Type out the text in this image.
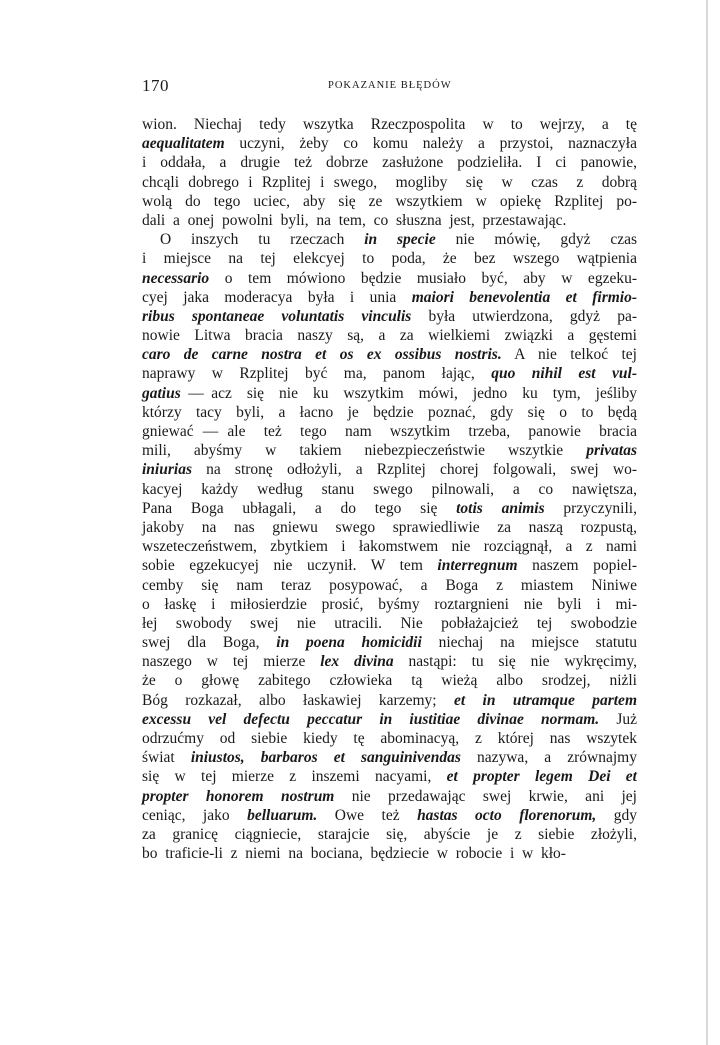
170	POKAZANIE BŁĘDÓW
wion.  Niechaj  tedy  wszytka  Rzeczpospolita  w  to  wejrzy,  a  tę
aequalitatem uczyni, żeby co komu należy a przystoi, naznaczyła
i  oddała,  a  drugie  też  dobrze  zasłużone  podzieliła.  I  ci  panowie,
chcąli dobrego i Rzplitej i swego,  mogliby  się  w  czas  z  dobrą
wolą  do  tego  uciec,  aby  się  ze  wszytkiem  w  opiekę  Rzplitej  po-
dali  a  onej  powolni  byli,  na  tem,  co  słuszna  jest,  przestawając.
O  inszych  tu  rzeczach  in  specie  nie  mówię,  gdyż  czas
i  miejsce  na  tej  elekcyej  to  poda,  że  bez  wszego  wątpienia
necessario o tem mówiono będzie musiało być, aby w egzeku-
cyej  jaka  moderacya  była  i  unia  maiori  benevolentia  et  firmio-
ribus  spontaneae  voluntatis  vinculis  była  utwierdzona,  gdyż  pa-
nowie  Litwa  bracia  naszy  są,  a  za  wielkiemi  związki  a  gęstemi
caro  de  carne  nostra  et  os  ex  ossibus  nostris.  A  nie  telkoć  tej
naprawy  w  Rzplitej  być  ma,  panom  łając,  quo  nihil  est  vul-
gatius — acz  się  nie  ku  wszytkim  mówi,  jedno  ku  tym,  jeśliby
którzy  tacy  byli,  a  łacno  je  będzie  poznać,  gdy  się  o  to  będą
gniewać — ale  też  tego  nam  wszytkim  trzeba,  panowie  bracia
mili,  abyśmy  w  takiem  niebezpieczeństwie  wszytkie  privatas
iniurias  na  stronę  odłożyli,  a  Rzplitej  chorej  folgowali,  swej  wo-
kacyej  każdy  według  stanu  swego  pilnowali,  a  co  nawiętsza,
Pana  Boga  ubłagali,  a  do  tego  się  totis  animis  przyczynili,
jakoby  na  nas  gniewu  swego  sprawiedliwie  za  naszą  rozpustą,
wszeteczeństwem, zbytkiem i łakomstwem nie rozciągnął, a z nami
sobie  egzekucyej  nie  uczynił.  W  tem  interregnum  naszem  popiel-
cemby  się  nam  teraz  posypować,  a  Boga  z  miastem  Niniwe
o  łaskę  i  miłosierdzie  prosić,  byśmy  roztargnieni  nie  byli  i  mi-
łej  swobody  swej  nie  utracili.  Nie  pobłażajcież  tej  swobodzie
swej  dla  Boga,  in  poena  homicidii  niechaj  na  miejsce  statutu
naszego  w  tej  mierze  lex  divina  nastąpi:  tu  się  nie  wykręcimy,
że  o  głowę  zabitego  człowieka  tą  wieżą  albo  srodzej,  niżli
Bóg  rozkazał,  albo  łaskawiej  karzemy;  et  in  utramque  partem
excessu  vel  defectu  peccatur  in  iustitiae  divinae  normam.  Już
odrzućmy  od  siebie  kiedy  tę  abominacyą,  z  której  nas  wszytek
świat  iniustos,  barbaros  et  sanguinivendas  nazywa,  a  zrównajmy
się  w  tej  mierze  z  inszemi  nacyami,  et  propter  legem  Dei  et
propter  honorem  nostrum  nie  przedawając  swej  krwie,  ani  jej
ceniąc,  jako  belluarum.  Owe  też  hastas  octo  florenorum,  gdy
za  granicę  ciągniecie,  starajcie  się,  abyście  je  z  siebie  złożyli,
bo  traficie-li  z  niemi  na  bociana,  będziecie  w  robocie  i  w  kło-
